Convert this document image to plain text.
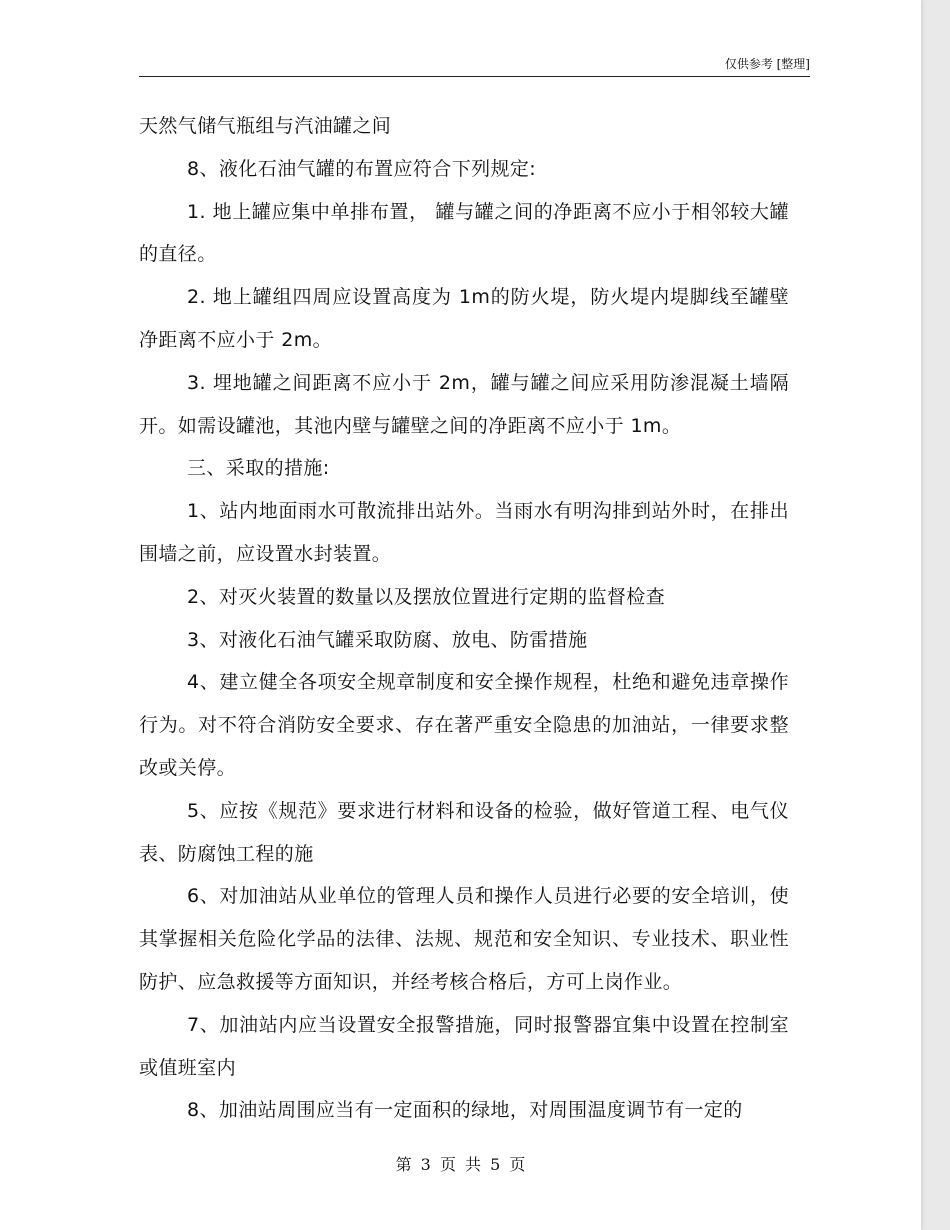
仅供参考 [整理]

天然气储气瓶组与汽油罐之间

8、液化石油气罐的布置应符合下列规定:

1. 地上罐应集中单排布置， 罐与罐之间的净距离不应小于相邻较大罐的直径。

2. 地上罐组四周应设置高度为 1m的防火堤，防火堤内堤脚线至罐壁净距离不应小于 2m。

3. 埋地罐之间距离不应小于 2m，罐与罐之间应采用防渗混凝土墙隔开。如需设罐池，其池内壁与罐壁之间的净距离不应小于 1m。

三、采取的措施:

1、站内地面雨水可散流排出站外。当雨水有明沟排到站外时，在排出围墙之前，应设置水封装置。

2、对灭火装置的数量以及摆放位置进行定期的监督检查

3、对液化石油气罐采取防腐、放电、防雷措施

4、建立健全各项安全规章制度和安全操作规程，杜绝和避免违章操作行为。对不符合消防安全要求、存在著严重安全隐患的加油站，一律要求整改或关停。

5、应按《规范》要求进行材料和设备的检验，做好管道工程、电气仪表、防腐蚀工程的施

6、对加油站从业单位的管理人员和操作人员进行必要的安全培训，使其掌握相关危险化学品的法律、法规、规范和安全知识、专业技术、职业性防护、应急救援等方面知识，并经考核合格后，方可上岗作业。

7、加油站内应当设置安全报警措施，同时报警器宜集中设置在控制室或值班室内

8、加油站周围应当有一定面积的绿地，对周围温度调节有一定的

第 3 页 共 5 页
